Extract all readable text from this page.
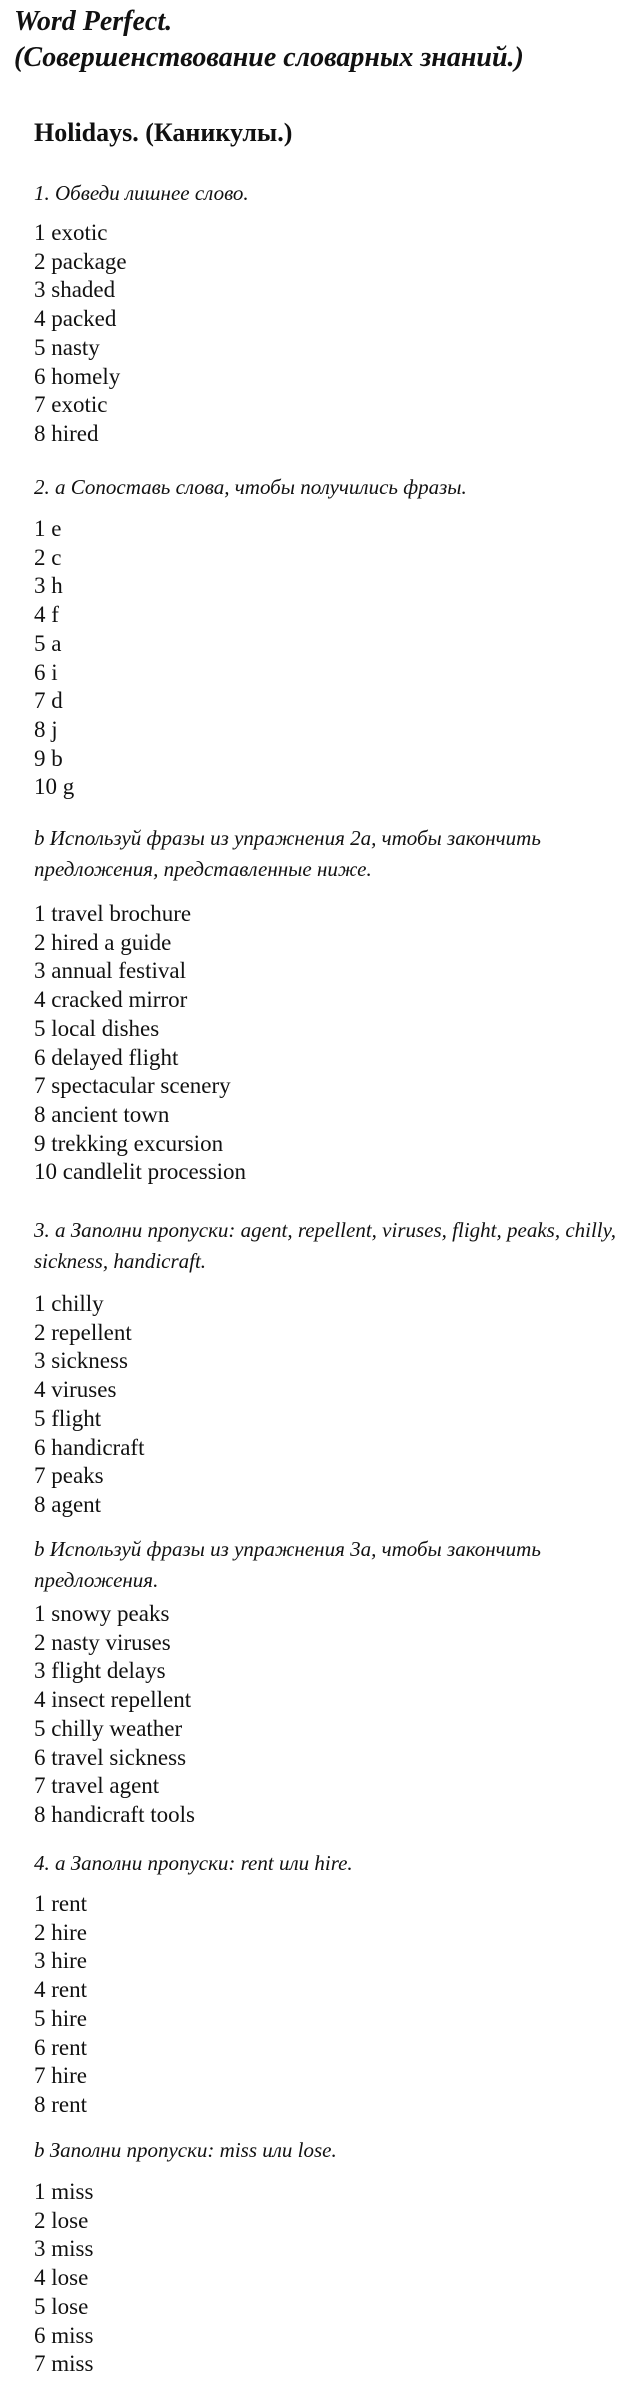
Word Perfect.
(Совершенствование словарных знаний.)
Holidays. (Каникулы.)
1. Обведи лишнее слово.
1 exotic
2 package
3 shaded
4 packed
5 nasty
6 homely
7 exotic
8 hired
2. а Сопоставь слова, чтобы получились фразы.
1 e
2 c
3 h
4 f
5 a
6 i
7 d
8 j
9 b
10 g
b Используй фразы из упражнения 2а, чтобы закончить предложения, представленные ниже.
1 travel brochure
2 hired a guide
3 annual festival
4 cracked mirror
5 local dishes
6 delayed flight
7 spectacular scenery
8 ancient town
9 trekking excursion
10 candlelit procession
3. a Заполни пропуски: agent, repellent, viruses, flight, peaks, chilly, sickness, handicraft.
1 chilly
2 repellent
3 sickness
4 viruses
5 flight
6 handicraft
7 peaks
8 agent
b Используй фразы из упражнения 3а, чтобы закончить предложения.
1 snowy peaks
2 nasty viruses
3 flight delays
4 insect repellent
5 chilly weather
6 travel sickness
7 travel agent
8 handicraft tools
4. a Заполни пропуски: rent или hire.
1 rent
2 hire
3 hire
4 rent
5 hire
6 rent
7 hire
8 rent
b Заполни пропуски: miss или lose.
1 miss
2 lose
3 miss
4 lose
5 lose
6 miss
7 miss
